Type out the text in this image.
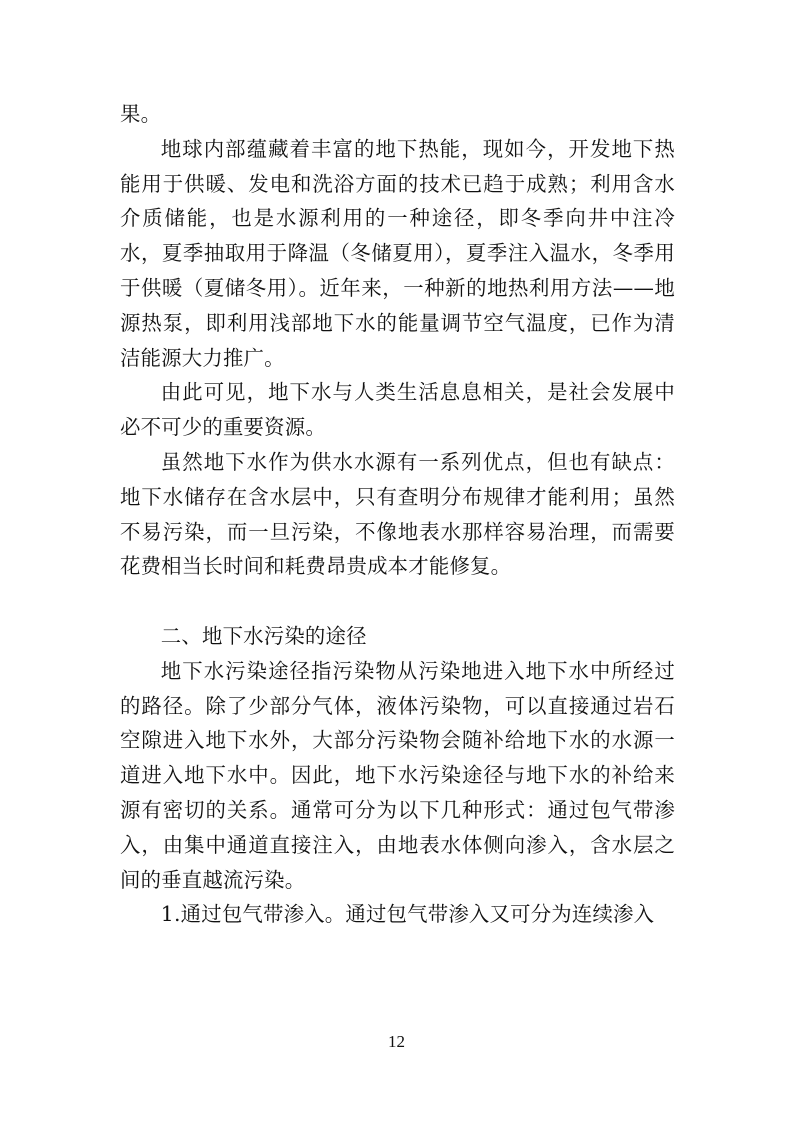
果。

地球内部蕴藏着丰富的地下热能，现如今，开发地下热能用于供暖、发电和洗浴方面的技术已趋于成熟；利用含水介质储能，也是水源利用的一种途径，即冬季向井中注冷水，夏季抽取用于降温（冬储夏用），夏季注入温水，冬季用于供暖（夏储冬用）。近年来，一种新的地热利用方法——地源热泵，即利用浅部地下水的能量调节空气温度，已作为清洁能源大力推广。

由此可见，地下水与人类生活息息相关，是社会发展中必不可少的重要资源。

虽然地下水作为供水水源有一系列优点，但也有缺点：地下水储存在含水层中，只有查明分布规律才能利用；虽然不易污染，而一旦污染，不像地表水那样容易治理，而需要花费相当长时间和耗费昂贵成本才能修复。

二、地下水污染的途径

地下水污染途径指污染物从污染地进入地下水中所经过的路径。除了少部分气体，液体污染物，可以直接通过岩石空隙进入地下水外，大部分污染物会随补给地下水的水源一道进入地下水中。因此，地下水污染途径与地下水的补给来源有密切的关系。通常可分为以下几种形式：通过包气带渗入，由集中通道直接注入，由地表水体侧向渗入，含水层之间的垂直越流污染。

1.通过包气带渗入。通过包气带渗入又可分为连续渗入

12
